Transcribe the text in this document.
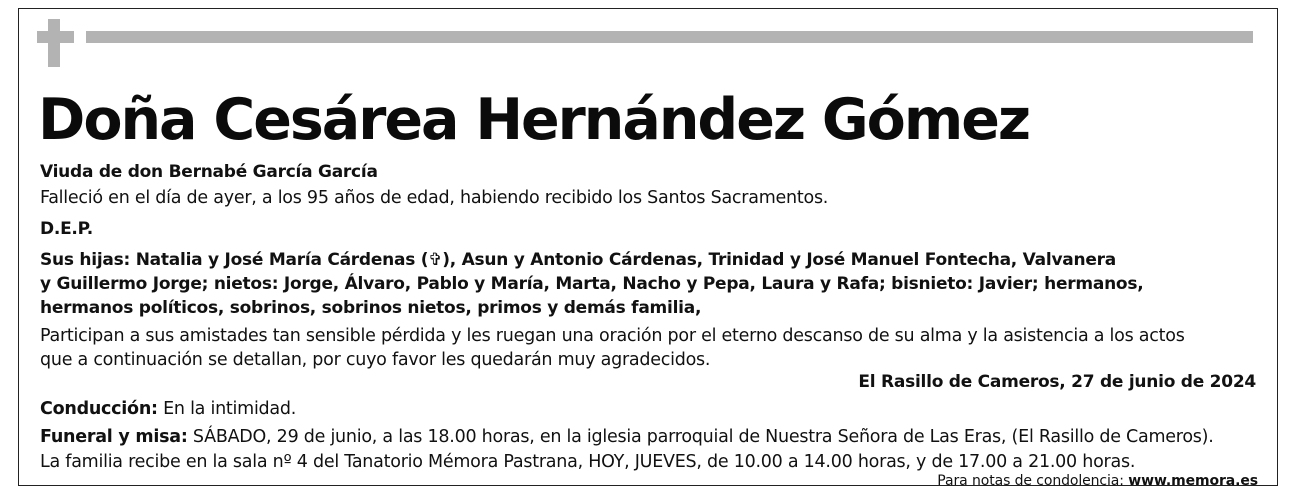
Doña Cesárea Hernández Gómez
Viuda de don Bernabé García García
Falleció en el día de ayer, a los 95 años de edad, habiendo recibido los Santos Sacramentos.
D.E.P.
Sus hijas: Natalia y José María Cárdenas (✞), Asun y Antonio Cárdenas, Trinidad y José Manuel Fontecha, Valvanera
y Guillermo Jorge; nietos: Jorge, Álvaro, Pablo y María, Marta, Nacho y Pepa, Laura y Rafa; bisnieto: Javier; hermanos,
hermanos políticos, sobrinos, sobrinos nietos, primos y demás familia,
Participan a sus amistades tan sensible pérdida y les ruegan una oración por el eterno descanso de su alma y la asistencia a los actos
que a continuación se detallan, por cuyo favor les quedarán muy agradecidos.
El Rasillo de Cameros, 27 de junio de 2024
Conducción: En la intimidad.
Funeral y misa: SÁBADO, 29 de junio, a las 18.00 horas, en la iglesia parroquial de Nuestra Señora de Las Eras, (El Rasillo de Cameros).
La familia recibe en la sala nº 4 del Tanatorio Mémora Pastrana, HOY, JUEVES, de 10.00 a 14.00 horas, y de 17.00 a 21.00 horas.
Para notas de condolencia: www.memora.es
